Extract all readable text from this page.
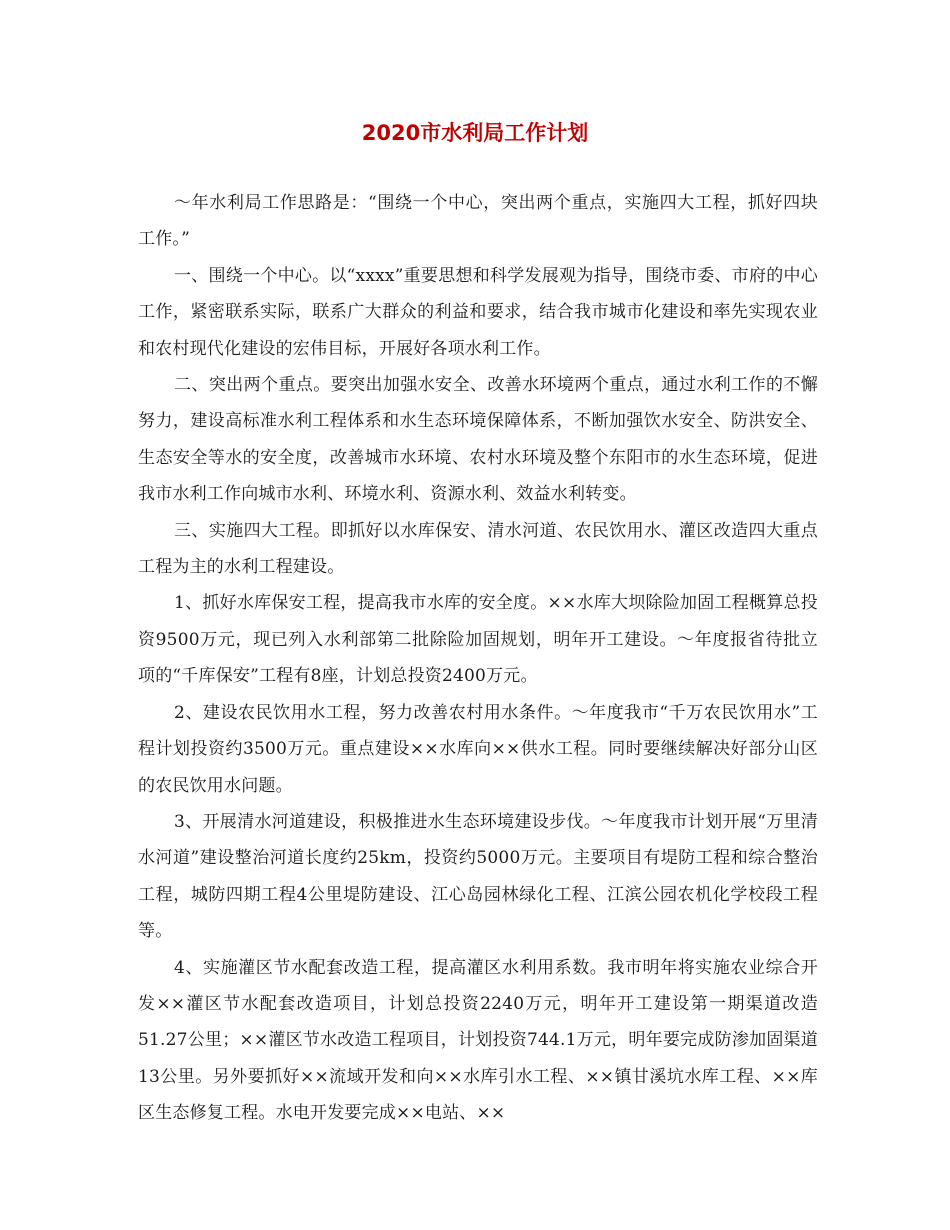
2020市水利局工作计划

～年水利局工作思路是：“围绕一个中心，突出两个重点，实施四大工程，抓好四块工作。”

一、围绕一个中心。以“xxxx”重要思想和科学发展观为指导，围绕市委、市府的中心工作，紧密联系实际，联系广大群众的利益和要求，结合我市城市化建设和率先实现农业和农村现代化建设的宏伟目标，开展好各项水利工作。

二、突出两个重点。要突出加强水安全、改善水环境两个重点，通过水利工作的不懈努力，建设高标准水利工程体系和水生态环境保障体系，不断加强饮水安全、防洪安全、生态安全等水的安全度，改善城市水环境、农村水环境及整个东阳市的水生态环境，促进我市水利工作向城市水利、环境水利、资源水利、效益水利转变。

三、实施四大工程。即抓好以水库保安、清水河道、农民饮用水、灌区改造四大重点工程为主的水利工程建设。

1、抓好水库保安工程，提高我市水库的安全度。××水库大坝除险加固工程概算总投资9500万元，现已列入水利部第二批除险加固规划，明年开工建设。～年度报省待批立项的“千库保安”工程有8座，计划总投资2400万元。

2、建设农民饮用水工程，努力改善农村用水条件。～年度我市“千万农民饮用水”工程计划投资约3500万元。重点建设××水库向××供水工程。同时要继续解决好部分山区的农民饮用水问题。

3、开展清水河道建设，积极推进水生态环境建设步伐。～年度我市计划开展“万里清水河道”建设整治河道长度约25km，投资约5000万元。主要项目有堤防工程和综合整治工程，城防四期工程4公里堤防建设、江心岛园林绿化工程、江滨公园农机化学校段工程等。

4、实施灌区节水配套改造工程，提高灌区水利用系数。我市明年将实施农业综合开发××灌区节水配套改造项目，计划总投资2240万元，明年开工建设第一期渠道改造51.27公里；××灌区节水改造工程项目，计划投资744.1万元，明年要完成防渗加固渠道13公里。另外要抓好××流域开发和向××水库引水工程、××镇甘溪坑水库工程、××库区生态修复工程。水电开发要完成××电站、××
